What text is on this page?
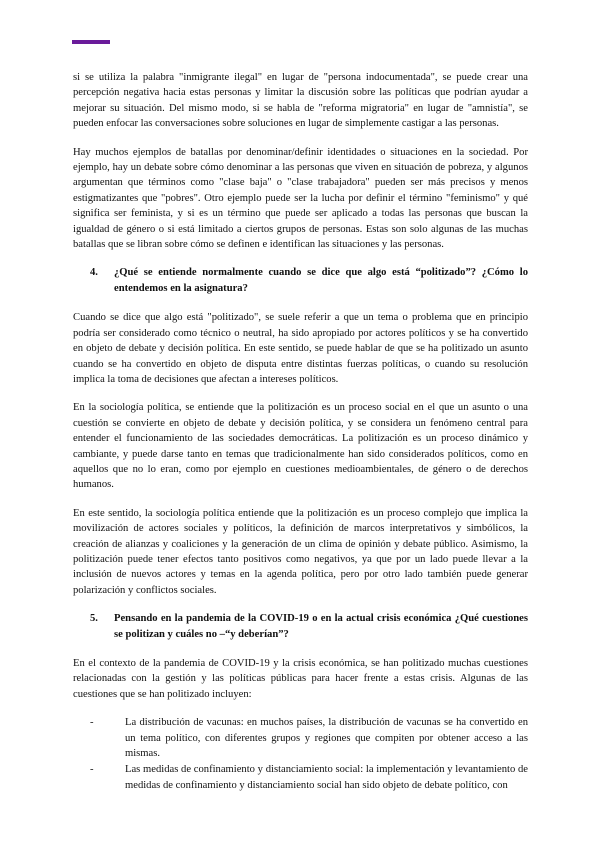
si se utiliza la palabra "inmigrante ilegal" en lugar de "persona indocumentada", se puede crear una percepción negativa hacia estas personas y limitar la discusión sobre las políticas que podrían ayudar a mejorar su situación. Del mismo modo, si se habla de "reforma migratoria" en lugar de "amnistía", se pueden enfocar las conversaciones sobre soluciones en lugar de simplemente castigar a las personas.

Hay muchos ejemplos de batallas por denominar/definir identidades o situaciones en la sociedad. Por ejemplo, hay un debate sobre cómo denominar a las personas que viven en situación de pobreza, y algunos argumentan que términos como "clase baja" o "clase trabajadora" pueden ser más precisos y menos estigmatizantes que "pobres". Otro ejemplo puede ser la lucha por definir el término "feminismo" y qué significa ser feminista, y si es un término que puede ser aplicado a todas las personas que buscan la igualdad de género o si está limitado a ciertos grupos de personas. Estas son solo algunas de las muchas batallas que se libran sobre cómo se definen e identifican las situaciones y las personas.

4.	¿Qué se entiende normalmente cuando se dice que algo está “politizado”? ¿Cómo lo entendemos en la asignatura?

Cuando se dice que algo está "politizado", se suele referir a que un tema o problema que en principio podría ser considerado como técnico o neutral, ha sido apropiado por actores políticos y se ha convertido en objeto de debate y decisión política. En este sentido, se puede hablar de que se ha politizado un asunto cuando se ha convertido en objeto de disputa entre distintas fuerzas políticas, o cuando su resolución implica la toma de decisiones que afectan a intereses políticos.

En la sociología política, se entiende que la politización es un proceso social en el que un asunto o una cuestión se convierte en objeto de debate y decisión política, y se considera un fenómeno central para entender el funcionamiento de las sociedades democráticas. La politización es un proceso dinámico y cambiante, y puede darse tanto en temas que tradicionalmente han sido considerados políticos, como en aquellos que no lo eran, como por ejemplo en cuestiones medioambientales, de género o de derechos humanos.

En este sentido, la sociología política entiende que la politización es un proceso complejo que implica la movilización de actores sociales y políticos, la definición de marcos interpretativos y simbólicos, la creación de alianzas y coaliciones y la generación de un clima de opinión y debate público. Asimismo, la politización puede tener efectos tanto positivos como negativos, ya que por un lado puede llevar a la inclusión de nuevos actores y temas en la agenda política, pero por otro lado también puede generar polarización y conflictos sociales.

5.	Pensando en la pandemia de la COVID-19 o en la actual crisis económica ¿Qué cuestiones se politizan y cuáles no –“y deberían”?

En el contexto de la pandemia de COVID-19 y la crisis económica, se han politizado muchas cuestiones relacionadas con la gestión y las políticas públicas para hacer frente a estas crisis. Algunas de las cuestiones que se han politizado incluyen:

-	La distribución de vacunas: en muchos países, la distribución de vacunas se ha convertido en un tema político, con diferentes grupos y regiones que compiten por obtener acceso a las mismas.
-	Las medidas de confinamiento y distanciamiento social: la implementación y levantamiento de medidas de confinamiento y distanciamiento social han sido objeto de debate político, con
